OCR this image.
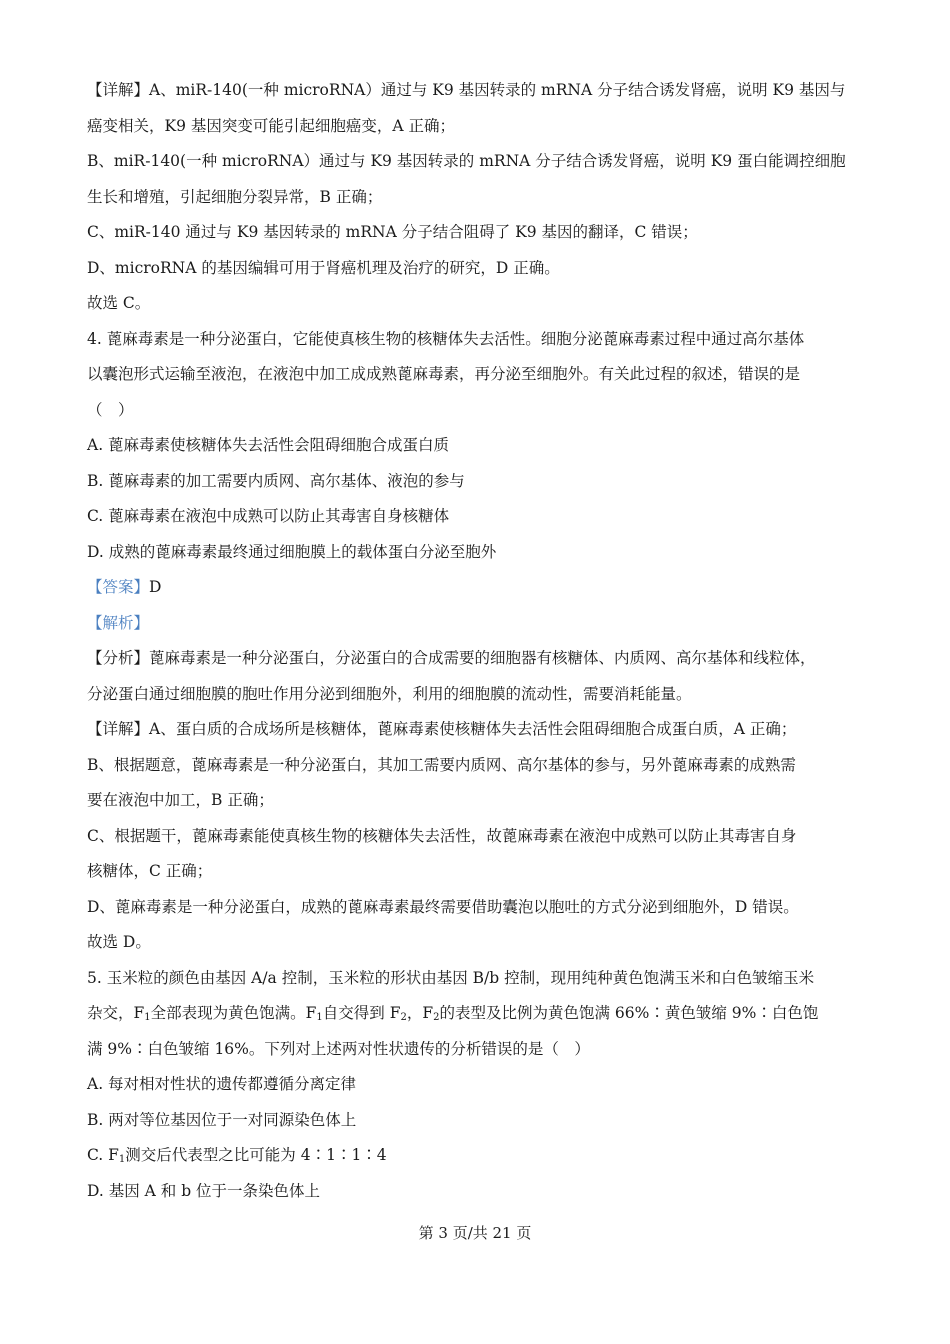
【详解】A、miR-140(一种 microRNA）通过与 K9 基因转录的 mRNA 分子结合诱发肾癌，说明 K9 基因与
癌变相关，K9 基因突变可能引起细胞癌变，A 正确；
B、miR-140(一种 microRNA）通过与 K9 基因转录的 mRNA 分子结合诱发肾癌，说明 K9 蛋白能调控细胞
生长和增殖，引起细胞分裂异常，B 正确；
C、miR-140 通过与 K9 基因转录的 mRNA 分子结合阻碍了 K9 基因的翻译，C 错误；
D、microRNA 的基因编辑可用于肾癌机理及治疗的研究，D 正确。
故选 C。
4. 蓖麻毒素是一种分泌蛋白，它能使真核生物的核糖体失去活性。细胞分泌蓖麻毒素过程中通过高尔基体
以囊泡形式运输至液泡，在液泡中加工成成熟蓖麻毒素，再分泌至细胞外。有关此过程的叙述，错误的是
（　）
A. 蓖麻毒素使核糖体失去活性会阻碍细胞合成蛋白质
B. 蓖麻毒素的加工需要内质网、高尔基体、液泡的参与
C. 蓖麻毒素在液泡中成熟可以防止其毒害自身核糖体
D. 成熟的蓖麻毒素最终通过细胞膜上的载体蛋白分泌至胞外
【答案】D
【解析】
【分析】蓖麻毒素是一种分泌蛋白，分泌蛋白的合成需要的细胞器有核糖体、内质网、高尔基体和线粒体，
分泌蛋白通过细胞膜的胞吐作用分泌到细胞外，利用的细胞膜的流动性，需要消耗能量。
【详解】A、蛋白质的合成场所是核糖体，蓖麻毒素使核糖体失去活性会阻碍细胞合成蛋白质，A 正确；
B、根据题意，蓖麻毒素是一种分泌蛋白，其加工需要内质网、高尔基体的参与，另外蓖麻毒素的成熟需
要在液泡中加工，B 正确；
C、根据题干，蓖麻毒素能使真核生物的核糖体失去活性，故蓖麻毒素在液泡中成熟可以防止其毒害自身
核糖体，C 正确；
D、蓖麻毒素是一种分泌蛋白，成熟的蓖麻毒素最终需要借助囊泡以胞吐的方式分泌到细胞外，D 错误。
故选 D。
5. 玉米粒的颜色由基因 A/a 控制，玉米粒的形状由基因 B/b 控制，现用纯种黄色饱满玉米和白色皱缩玉米
杂交，$F_1$全部表现为黄色饱满。$F_1$自交得到 $F_2$，$F_2$的表型及比例为黄色饱满 66%∶黄色皱缩 9%∶白色饱
满 9%∶白色皱缩 16%。下列对上述两对性状遗传的分析错误的是（　）
A. 每对相对性状的遗传都遵循分离定律
B. 两对等位基因位于一对同源染色体上
C. $F_1$测交后代表型之比可能为 4∶1∶1∶4
D. 基因 A 和 b 位于一条染色体上
第 3 页/共 21 页
